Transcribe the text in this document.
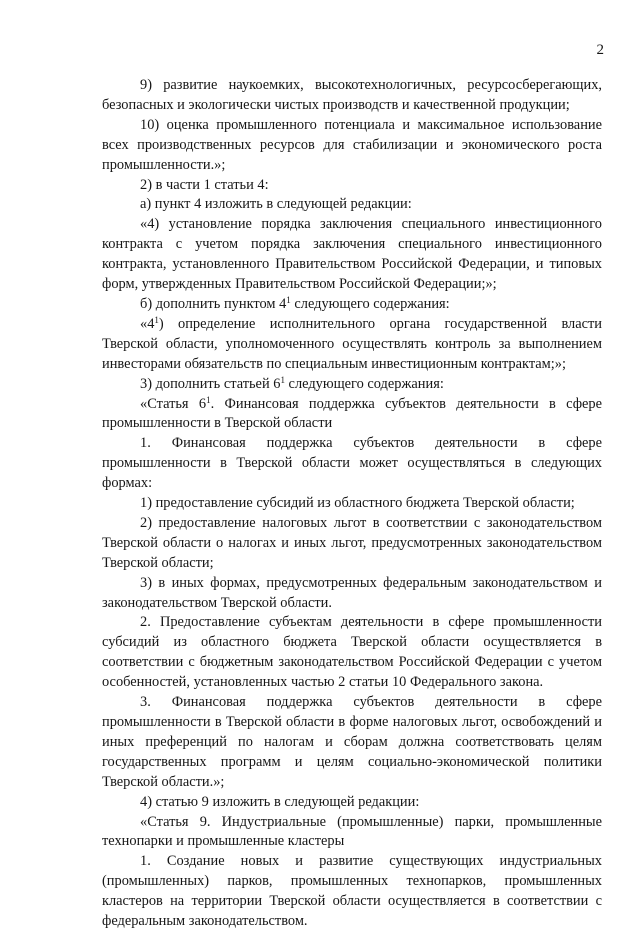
2

9) развитие наукоемких, высокотехнологичных, ресурсосберегающих, безопасных и экологически чистых производств и качественной продукции;

10) оценка промышленного потенциала и максимальное использование всех производственных ресурсов для стабилизации и экономического роста промышленности.»;

2) в части 1 статьи 4:

а) пункт 4 изложить в следующей редакции:

«4) установление порядка заключения специального инвестиционного контракта с учетом порядка заключения специального инвестиционного контракта, установленного Правительством Российской Федерации, и типовых форм, утвержденных Правительством Российской Федерации;»;

б) дополнить пунктом $4^1$ следующего содержания:

«$4^1$) определение исполнительного органа государственной власти Тверской области, уполномоченного осуществлять контроль за выполнением инвесторами обязательств по специальным инвестиционным контрактам;»;

3) дополнить статьей $6^1$ следующего содержания:

«Статья $6^1$. Финансовая поддержка субъектов деятельности в сфере промышленности в Тверской области

1. Финансовая поддержка субъектов деятельности в сфере промышленности в Тверской области может осуществляться в следующих формах:

1) предоставление субсидий из областного бюджета Тверской области;

2) предоставление налоговых льгот в соответствии с законодательством Тверской области о налогах и иных льгот, предусмотренных законодательством Тверской области;

3) в иных формах, предусмотренных федеральным законодательством и законодательством Тверской области.

2. Предоставление субъектам деятельности в сфере промышленности субсидий из областного бюджета Тверской области осуществляется в соответствии с бюджетным законодательством Российской Федерации с учетом особенностей, установленных частью 2 статьи 10 Федерального закона.

3. Финансовая поддержка субъектов деятельности в сфере промышленности в Тверской области в форме налоговых льгот, освобождений и иных преференций по налогам и сборам должна соответствовать целям государственных программ и целям социально-экономической политики Тверской области.»;

4) статью 9 изложить в следующей редакции:

«Статья 9. Индустриальные (промышленные) парки, промышленные технопарки и промышленные кластеры

1. Создание новых и развитие существующих индустриальных (промышленных) парков, промышленных технопарков, промышленных кластеров на территории Тверской области осуществляется в соответствии с федеральным законодательством.
